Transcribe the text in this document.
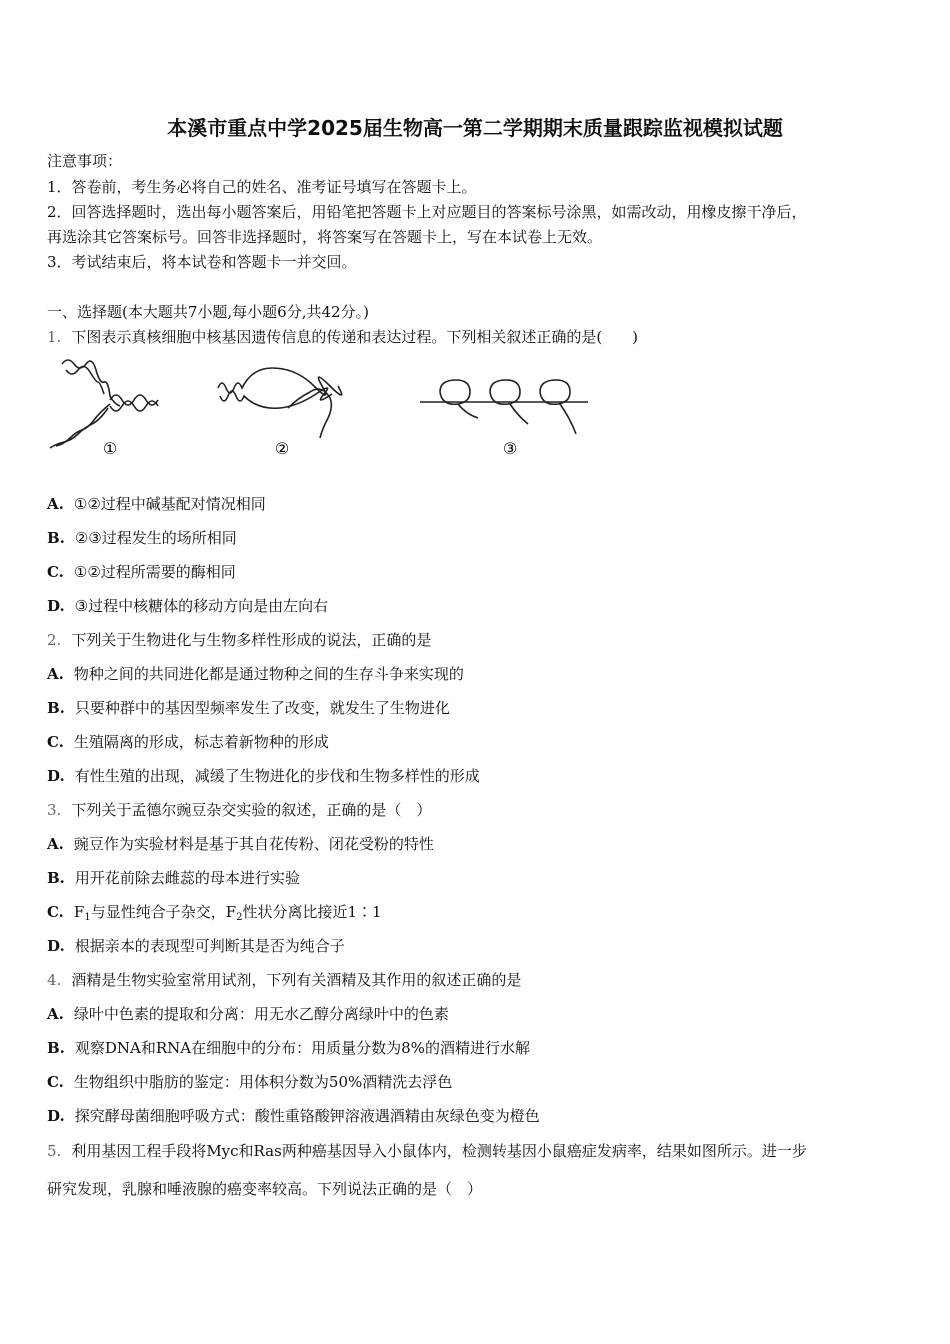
本溪市重点中学2025届生物高一第二学期期末质量跟踪监视模拟试题
注意事项：
1．答卷前，考生务必将自己的姓名、准考证号填写在答题卡上。
2．回答选择题时，选出每小题答案后，用铅笔把答题卡上对应题目的答案标号涂黑，如需改动，用橡皮擦干净后，
再选涂其它答案标号。回答非选择题时，将答案写在答题卡上，写在本试卷上无效。
3．考试结束后，将本试卷和答题卡一并交回。
一、选择题(本大题共7小题,每小题6分,共42分。)
1. 下图表示真核细胞中核基因遗传信息的传递和表达过程。下列相关叙述正确的是(　　)
①	②	③
A. ①②过程中碱基配对情况相同
B. ②③过程发生的场所相同
C. ①②过程所需要的酶相同
D. ③过程中核糖体的移动方向是由左向右
2. 下列关于生物进化与生物多样性形成的说法，正确的是
A. 物种之间的共同进化都是通过物种之间的生存斗争来实现的
B. 只要种群中的基因型频率发生了改变，就发生了生物进化
C. 生殖隔离的形成，标志着新物种的形成
D. 有性生殖的出现，减缓了生物进化的步伐和生物多样性的形成
3. 下列关于孟德尔豌豆杂交实验的叙述，正确的是（　）
A. 豌豆作为实验材料是基于其自花传粉、闭花受粉的特性
B. 用开花前除去雌蕊的母本进行实验
C. $F_1$与显性纯合子杂交，$F_2$性状分离比接近1∶1
D. 根据亲本的表现型可判断其是否为纯合子
4. 酒精是生物实验室常用试剂，下列有关酒精及其作用的叙述正确的是
A. 绿叶中色素的提取和分离：用无水乙醇分离绿叶中的色素
B. 观察DNA和RNA在细胞中的分布：用质量分数为8%的酒精进行水解
C. 生物组织中脂肪的鉴定：用体积分数为50%酒精洗去浮色
D. 探究酵母菌细胞呼吸方式：酸性重铬酸钾溶液遇酒精由灰绿色变为橙色
5. 利用基因工程手段将Myc和Ras两种癌基因导入小鼠体内，检测转基因小鼠癌症发病率，结果如图所示。进一步
研究发现，乳腺和唾液腺的癌变率较高。下列说法正确的是（　）
